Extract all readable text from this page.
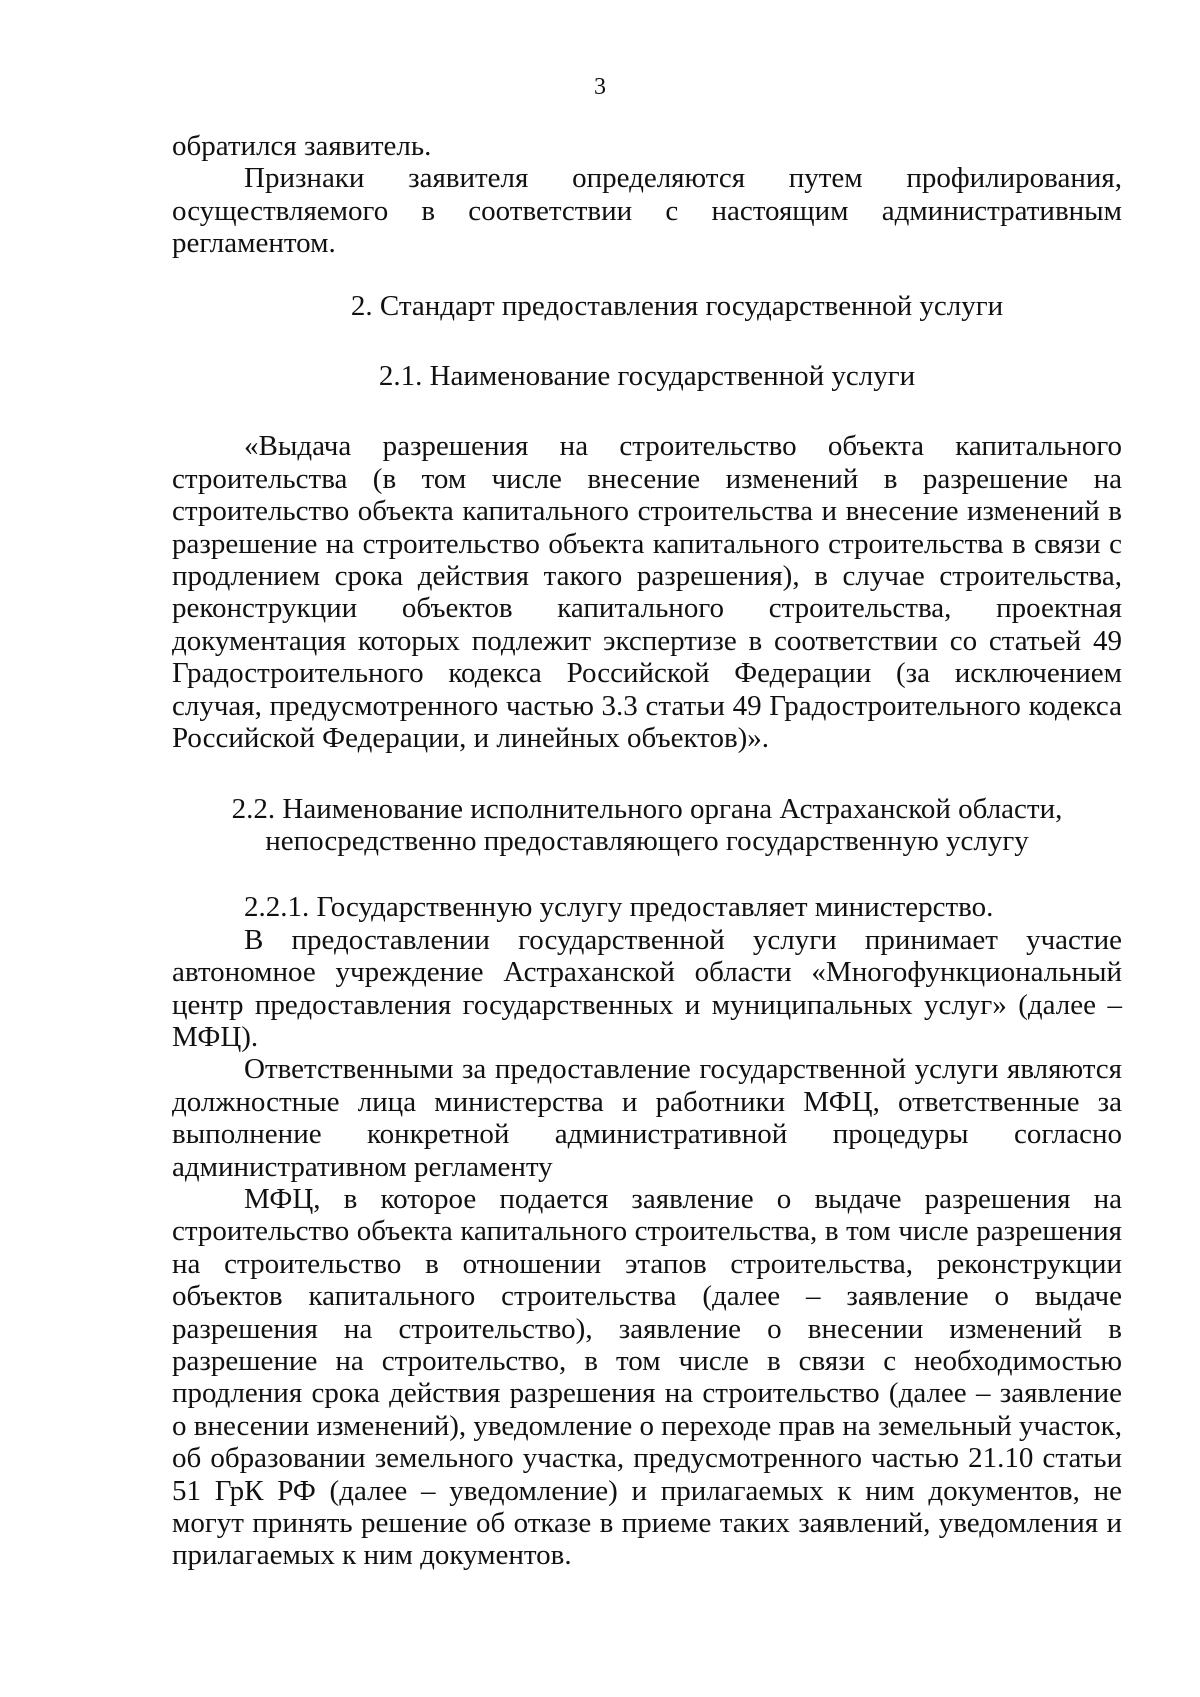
3

обратился заявитель.

Признаки заявителя определяются путем профилирования, осуществляемого в соответствии с настоящим административным регламентом.

2. Стандарт предоставления государственной услуги

2.1. Наименование государственной услуги

«Выдача разрешения на строительство объекта капитального строительства (в том числе внесение изменений в разрешение на строительство объекта капитального строительства и внесение изменений в разрешение на строительство объекта капитального строительства в связи с продлением срока действия такого разрешения), в случае строительства, реконструкции объектов капитального строительства, проектная документация которых подлежит экспертизе в соответствии со статьей 49 Градостроительного кодекса Российской Федерации (за исключением случая, предусмотренного частью 3.3 статьи 49 Градостроительного кодекса Российской Федерации, и линейных объектов)».

2.2. Наименование исполнительного органа Астраханской области,

непосредственно предоставляющего государственную услугу

2.2.1. Государственную услугу предоставляет министерство.

В предоставлении государственной услуги принимает участие автономное учреждение Астраханской области «Многофункциональный центр предоставления государственных и муниципальных услуг» (далее – МФЦ).

Ответственными за предоставление государственной услуги являются должностные лица министерства и работники МФЦ, ответственные за выполнение конкретной административной процедуры согласно административном регламенту

МФЦ, в которое подается заявление о выдаче разрешения на строительство объекта капитального строительства, в том числе разрешения на строительство в отношении этапов строительства, реконструкции объектов капитального строительства (далее – заявление о выдаче разрешения на строительство), заявление о внесении изменений в разрешение на строительство, в том числе в связи с необходимостью продления срока действия разрешения на строительство (далее – заявление о внесении изменений), уведомление о переходе прав на земельный участок, об образовании земельного участка, предусмотренного частью 21.10 статьи 51 ГрК РФ (далее – уведомление) и прилагаемых к ним документов, не могут принять решение об отказе в приеме таких заявлений, уведомления и прилагаемых к ним документов.
